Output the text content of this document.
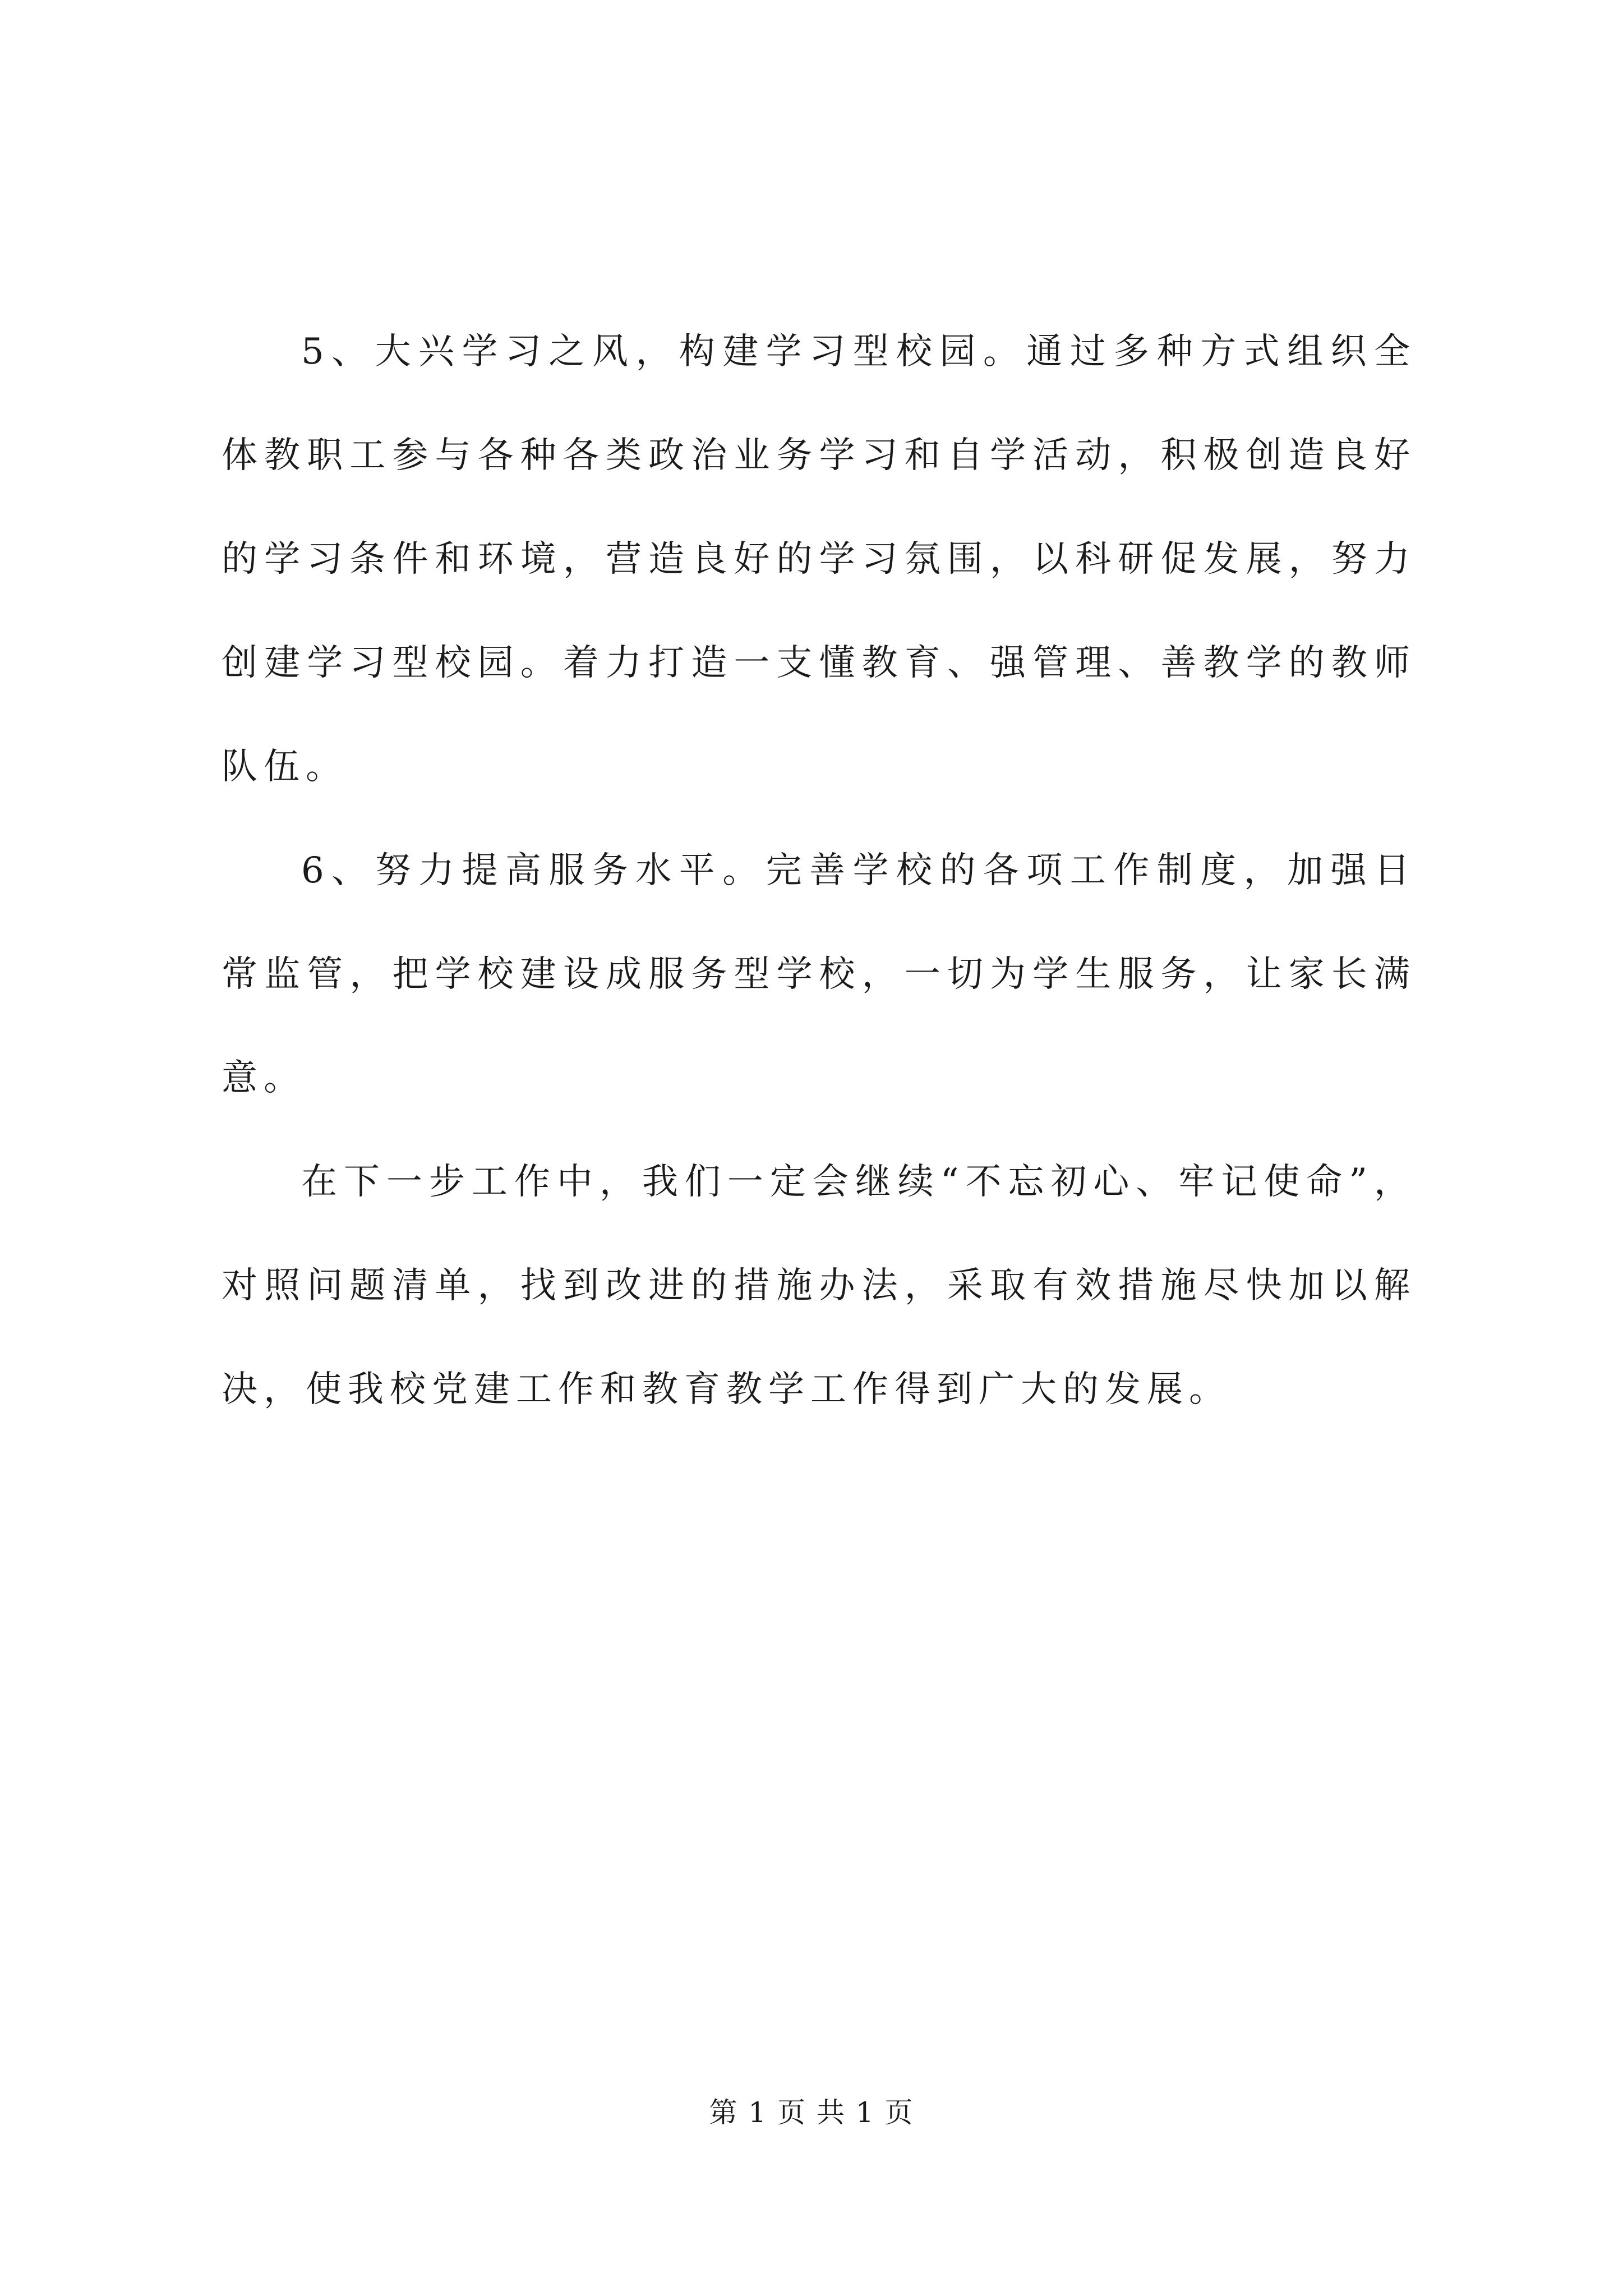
5、大兴学习之风，构建学习型校园。通过多种方式组织全体教职工参与各种各类政治业务学习和自学活动，积极创造良好的学习条件和环境，营造良好的学习氛围，以科研促发展，努力创建学习型校园。着力打造一支懂教育、强管理、善教学的教师队伍。

6、努力提高服务水平。完善学校的各项工作制度，加强日常监管，把学校建设成服务型学校，一切为学生服务，让家长满意。

在下一步工作中，我们一定会继续“不忘初心、牢记使命”，对照问题清单，找到改进的措施办法，采取有效措施尽快加以解决，使我校党建工作和教育教学工作得到广大的发展。

第 1 页 共 1 页
